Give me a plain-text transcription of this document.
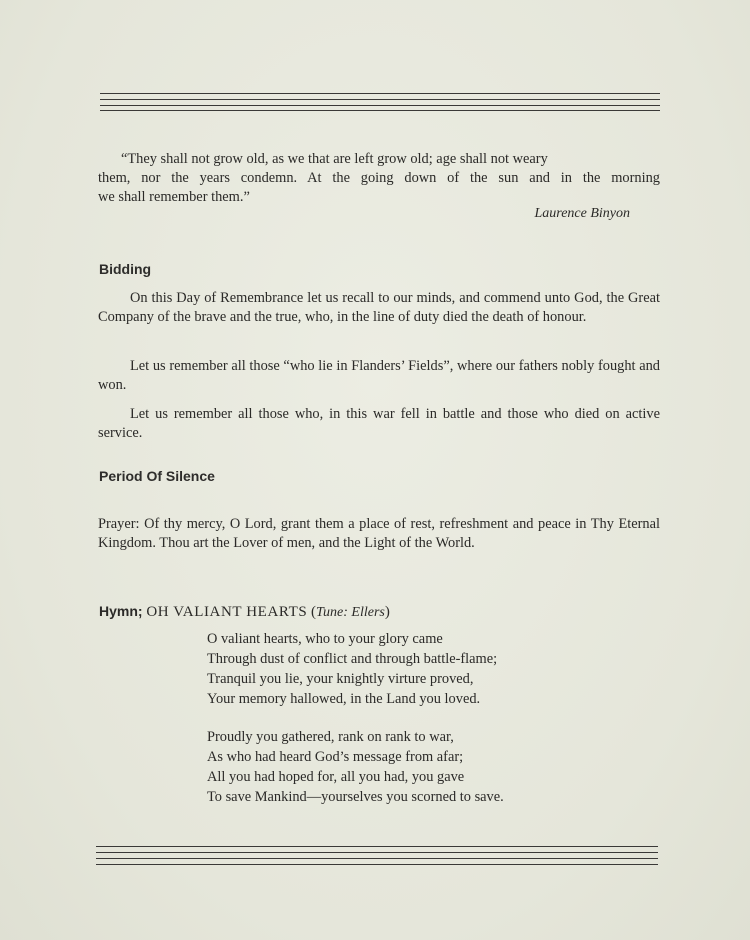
“They shall not grow old, as we that are left grow old; age shall not weary
them, nor the years condemn. At the going down of the sun and in the morning
we shall remember them.”
Laurence Binyon
Bidding
On this Day of Remembrance let us recall to our minds, and commend unto God, the Great Company of the brave and the true, who, in the line of duty died the death of honour.
Let us remember all those “who lie in Flanders’ Fields”, where our fathers nobly fought and won.
Let us remember all those who, in this war fell in battle and those who died on active service.
Period Of Silence
Prayer: Of thy mercy, O Lord, grant them a place of rest, refreshment and peace in Thy Eternal Kingdom. Thou art the Lover of men, and the Light of the World.
Hymn; OH VALIANT HEARTS (Tune: Ellers)
O valiant hearts, who to your glory came
Through dust of conflict and through battle-flame;
Tranquil you lie, your knightly virture proved,
Your memory hallowed, in the Land you loved.
Proudly you gathered, rank on rank to war,
As who had heard God’s message from afar;
All you had hoped for, all you had, you gave
To save Mankind—yourselves you scorned to save.
